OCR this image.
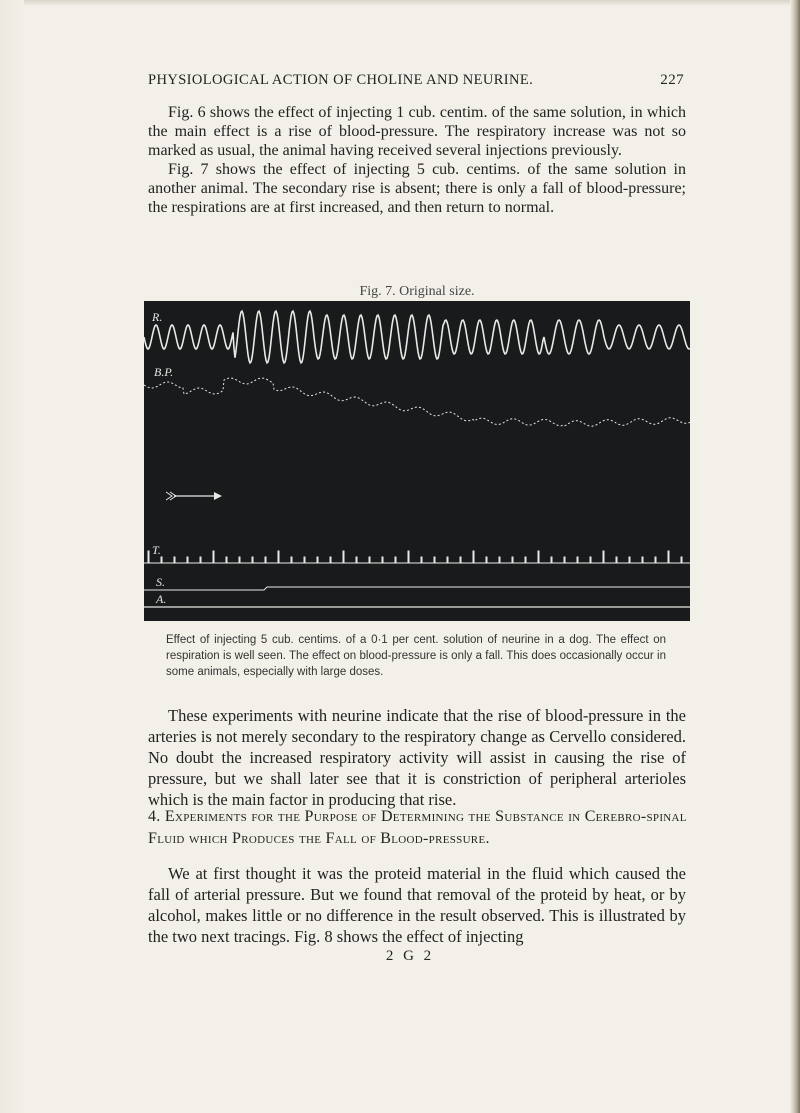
PHYSIOLOGICAL ACTION OF CHOLINE AND NEURINE.	227

Fig. 6 shows the effect of injecting 1 cub. centim. of the same solution, in which the main effect is a rise of blood-pressure. The respiratory increase was not so marked as usual, the animal having received several injections previously.

Fig. 7 shows the effect of injecting 5 cub. centims. of the same solution in another animal. The secondary rise is absent; there is only a fall of blood-pressure; the respirations are at first increased, and then return to normal.

Fig. 7. Original size.
R.
B.P.
T.
S.
A.

Effect of injecting 5 cub. centims. of a 0·1 per cent. solution of neurine in a dog. The effect on respiration is well seen. The effect on blood-pressure is only a fall. This does occasionally occur in some animals, especially with large doses.

These experiments with neurine indicate that the rise of blood-pressure in the arteries is not merely secondary to the respiratory change as Cervello considered. No doubt the increased respiratory activity will assist in causing the rise of pressure, but we shall later see that it is constriction of peripheral arterioles which is the main factor in producing that rise.

4. Experiments for the Purpose of Determining the Substance in Cerebro-spinal Fluid which Produces the Fall of Blood-pressure.

We at first thought it was the proteid material in the fluid which caused the fall of arterial pressure. But we found that removal of the proteid by heat, or by alcohol, makes little or no difference in the result observed. This is illustrated by the two next tracings. Fig. 8 shows the effect of injecting

2 G 2
